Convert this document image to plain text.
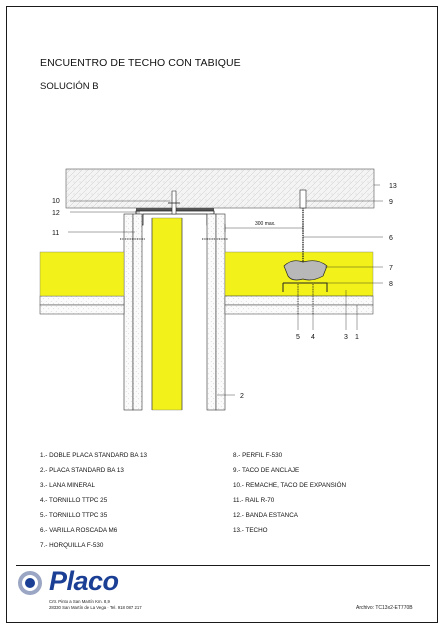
ENCUENTRO DE TECHO CON TABIQUE
SOLUCIÓN B
300 max.
10
12
11
13
9
6
7
8
5 4	3 1
2
1.- DOBLE PLACA STANDARD BA 13
2.- PLACA STANDARD BA 13
3.- LANA MINERAL
4.- TORNILLO TTPC 25
5.- TORNILLO TTPC 35
6.- VARILLA ROSCADA M6
7.- HORQUILLA F-530
8.- PERFIL F-530
9.- TACO DE ANCLAJE
10.- REMACHE, TACO DE EXPANSIÓN
11.- RAIL R-70
12.- BANDA ESTANCA
13.- TECHO
Placo
Crtr. Pinto a San Martín Km. 8,9
28330 San Martín de La Vega · Tel. 918 087 217	Archivo: TC13x2-ET770B
